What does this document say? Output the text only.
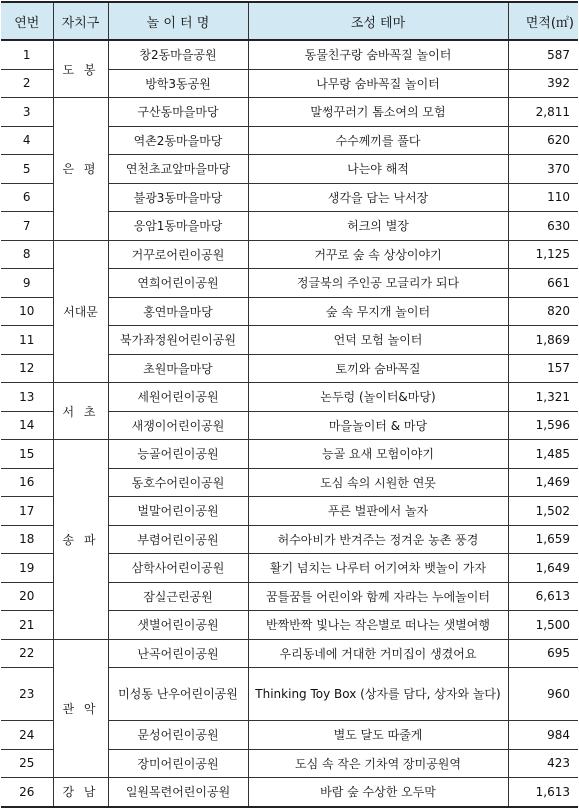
연번	자치구	놀 이 터 명	조성 테마	면적(㎡)
1	도 봉	창2동마을공원	동물친구랑 숨바꼭질 놀이터	587
2		방학3동공원	나무랑 숨바꼭질 놀이터	392
3	은 평	구산동마을마당	말썽꾸러기 톰소여의 모험	2,811
4		역촌2동마을마당	수수께끼를 풀다	620
5		연천초교앞마을마당	나는야 해적	370
6		불광3동마을마당	생각을 담는 낙서장	110
7		응암1동마을마당	허크의 별장	630
8	서대문	거꾸로어린이공원	거꾸로 숲 속 상상이야기	1,125
9		연희어린이공원	정글북의 주인공 모글리가 되다	661
10		홍연마을마당	숲 속 무지개 놀이터	820
11		북가좌정원어린이공원	언덕 모험 놀이터	1,869
12		초원마을마당	토끼와 숨바꼭질	157
13	서 초	세원어린이공원	논두렁 (놀이터&마당)	1,321
14		새쟁이어린이공원	마을놀이터 & 마당	1,596
15	송 파	능골어린이공원	능골 요새 모험이야기	1,485
16		동호수어린이공원	도심 속의 시원한 연못	1,469
17		벌말어린이공원	푸른 벌판에서 놀자	1,502
18		부렴어린이공원	허수아비가 반겨주는 정겨운 농촌 풍경	1,659
19		삼학사어린이공원	활기 넘치는 나루터 어기여차 뱃놀이 가자	1,649
20		잠실근린공원	꿈틀꿈틀 어린이와 함께 자라는 누에놀이터	6,613
21		샛별어린이공원	반짝반짝 빛나는 작은별로 떠나는 샛별여행	1,500
22	관 악	난곡어린이공원	우리동네에 거대한 거미집이 생겼어요	695
23		미성동 난우어린이공원	Thinking Toy Box (상자를 담다, 상자와 놀다)	960
24		문성어린이공원	별도 달도 따줄게	984
25		장미어린이공원	도심 속 작은 기차역 장미공원역	423
26	강 남	일원목련어린이공원	바람 숲 수상한 오두막	1,613
